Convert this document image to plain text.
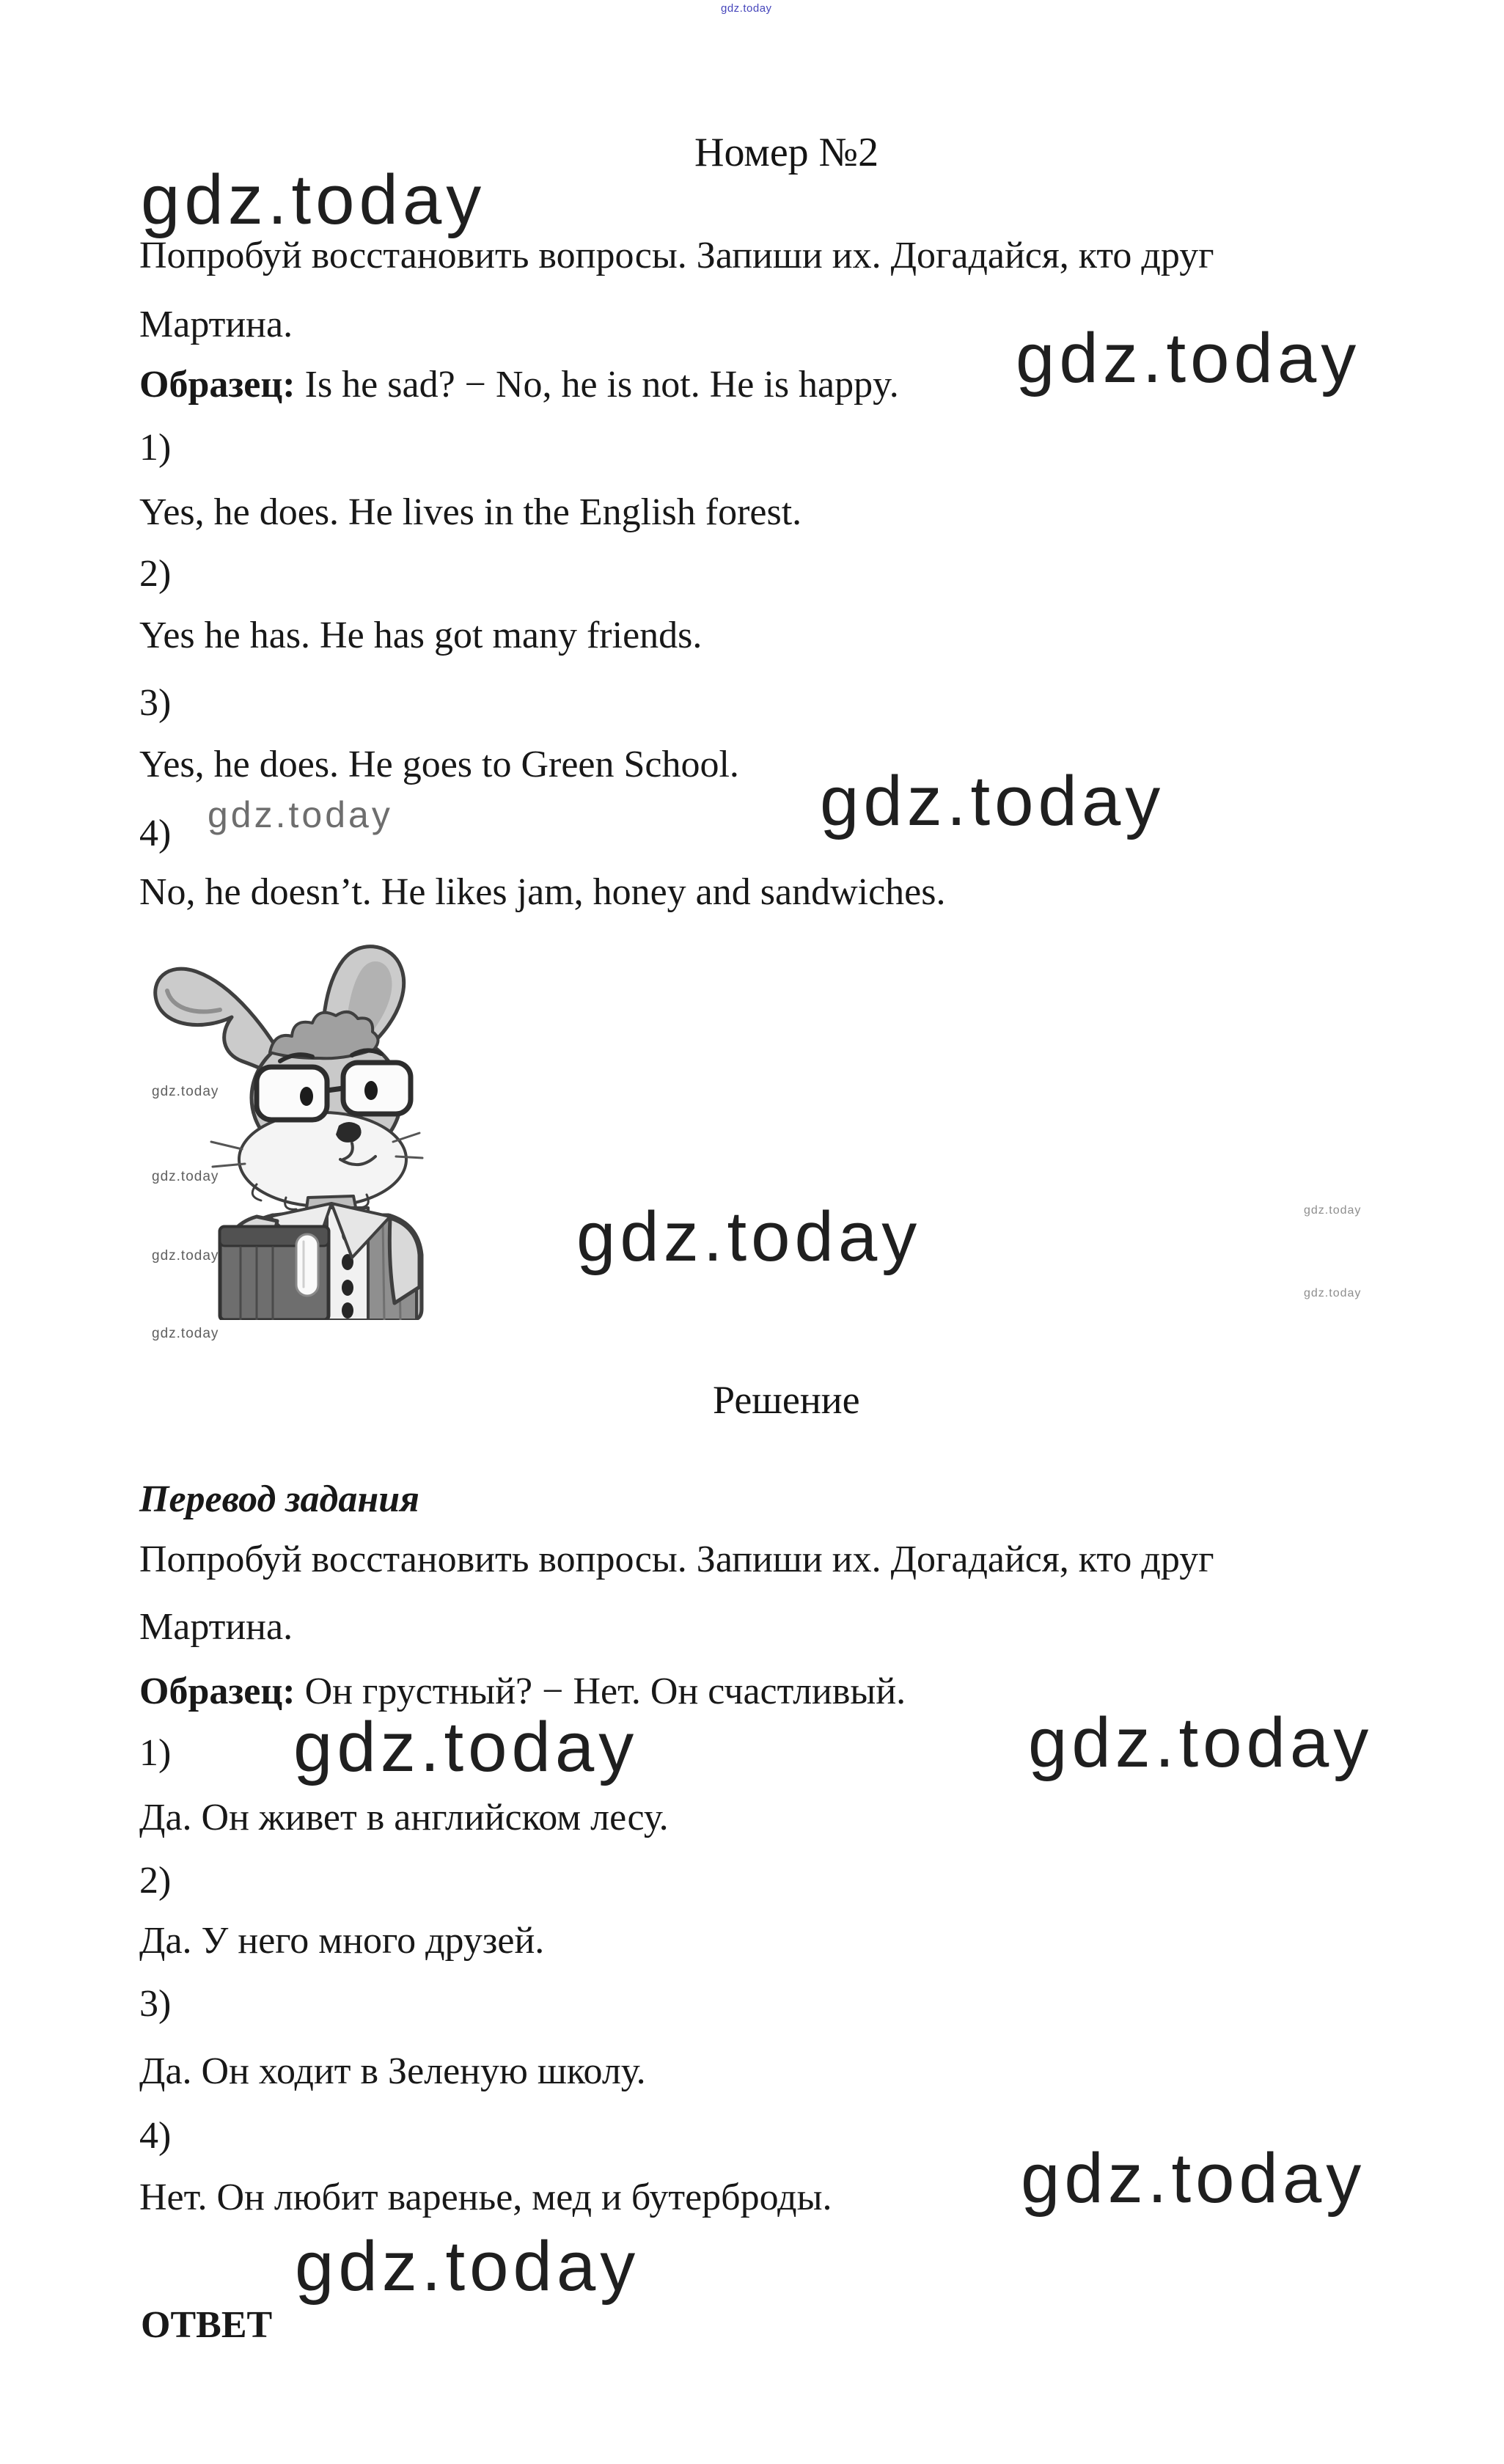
gdz.today

Номер №2

gdz.today

Попробуй восстановить вопросы. Запиши их. Догадайся, кто друг

Мартина.

Образец: Is he sad? − No, he is not. He is happy. gdz.today

1)

Yes, he does. He lives in the English forest.

2)

Yes he has. He has got many friends.

3)

Yes, he does. He goes to Green School.

4)

No, he doesn’t. He likes jam, honey and sandwiches.

gdz.today	gdz.today
gdz.today
gdz.today
gdz.today
gdz.today
gdz.today
gdz.today
gdz.today

Решение

Перевод задания

Попробуй восстановить вопросы. Запиши их. Догадайся, кто друг

Мартина.

Образец: Он грустный? − Нет. Он счастливый.

gdz.today	gdz.today

1)

Да. Он живет в английском лесу.

2)

Да. У него много друзей.

3)

Да. Он ходит в Зеленую школу.

4)

Нет. Он любит варенье, мед и бутерброды.	gdz.today
gdz.today

ОТВЕТ
